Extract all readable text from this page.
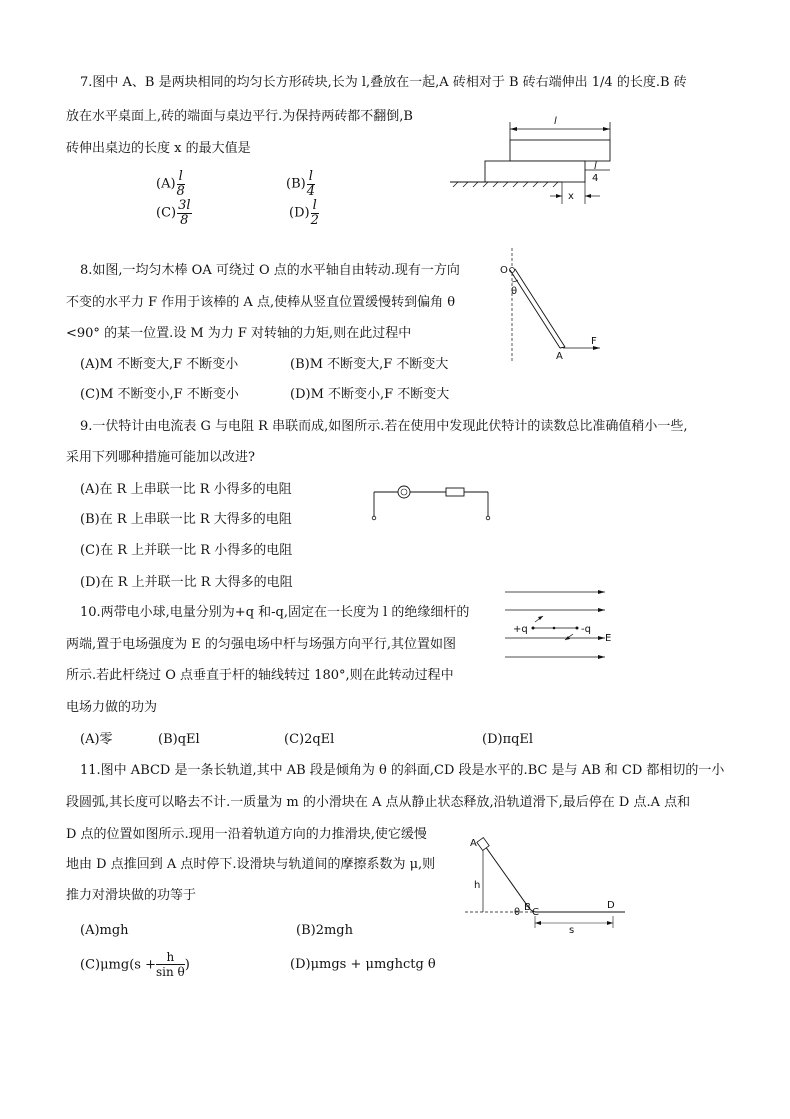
7.图中 A、B 是两块相同的均匀长方形砖块,长为 l,叠放在一起,A 砖相对于 B 砖右端伸出 1/4 的长度.B 砖
放在水平桌面上,砖的端面与桌边平行.为保持两砖都不翻倒,B
砖伸出桌边的长度 x 的最大值是
$(A) \frac{l}{8}$	$(B) \frac{l}{4}$
$(C) \frac{3l}{8}$	$(D) \frac{l}{2}$
l
l
4
x
8.如图,一均匀木棒 OA 可绕过 O 点的水平轴自由转动.现有一方向
不变的水平力 F 作用于该棒的 A 点,使棒从竖直位置缓慢转到偏角 θ
<90° 的某一位置.设 M 为力 F 对转轴的力矩,则在此过程中
(A)M 不断变大,F 不断变小	(B)M 不断变大,F 不断变大
(C)M 不断变小,F 不断变小	(D)M 不断变小,F 不断变大
O
θ
F
A
9.一伏特计由电流表 G 与电阻 R 串联而成,如图所示.若在使用中发现此伏特计的读数总比准确值稍小一些,
采用下列哪种措施可能加以改进?
(A)在 R 上串联一比 R 小得多的电阻
(B)在 R 上串联一比 R 大得多的电阻
(C)在 R 上并联一比 R 小得多的电阻
(D)在 R 上并联一比 R 大得多的电阻
10.两带电小球,电量分别为+q 和-q,固定在一长度为 l 的绝缘细杆的
两端,置于电场强度为 E 的匀强电场中杆与场强方向平行,其位置如图
所示.若此杆绕过 O 点垂直于杆的轴线转过 180°,则在此转动过程中
电场力做的功为
(A)零	(B)qEl	(C)2qEl	(D)πqEl
+q	-q
E
11.图中 ABCD 是一条长轨道,其中 AB 段是倾角为 θ 的斜面,CD 段是水平的.BC 是与 AB 和 CD 都相切的一小
段圆弧,其长度可以略去不计.一质量为 m 的小滑块在 A 点从静止状态释放,沿轨道滑下,最后停在 D 点.A 点和
D 点的位置如图所示.现用一沿着轨道方向的力推滑块,使它缓慢
地由 D 点推回到 A 点时停下.设滑块与轨道间的摩擦系数为 μ,则
推力对滑块做的功等于
(A)mgh	(B)2mgh
$(C)\mu mg(s + \frac{h}{\text{sin θ}}$ )	(D)μmgs + μmghctg θ
A
h
B C
θ
D
s
